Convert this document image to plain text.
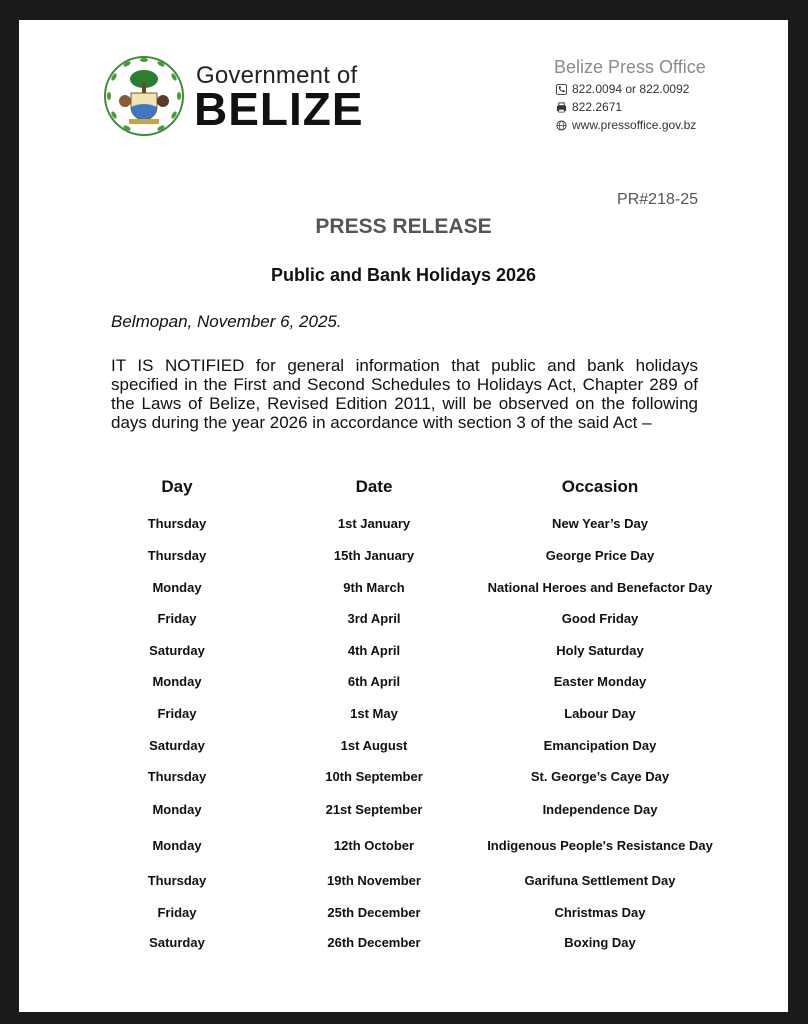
Government of
BELIZE
Belize Press Office
822.0094 or 822.0092
822.2671
www.pressoffice.gov.bz
PR#218-25
PRESS RELEASE
Public and Bank Holidays 2026
Belmopan, November 6, 2025.

IT IS NOTIFIED for general information that public and bank holidays specified in the First and Second Schedules to Holidays Act, Chapter 289 of the Laws of Belize, Revised Edition 2011, will be observed on the following days during the year 2026 in accordance with section 3 of the said Act –

Day	Date	Occasion
Thursday	1st January	New Year’s Day
Thursday	15th January	George Price Day
Monday	9th March	National Heroes and Benefactor Day
Friday	3rd April	Good Friday
Saturday	4th April	Holy Saturday
Monday	6th April	Easter Monday
Friday	1st May	Labour Day
Saturday	1st August	Emancipation Day
Thursday	10th September	St. George’s Caye Day
Monday	21st September	Independence Day
Monday	12th October	Indigenous People's Resistance Day
Thursday	19th November	Garifuna Settlement Day
Friday	25th December	Christmas Day
Saturday	26th December	Boxing Day
